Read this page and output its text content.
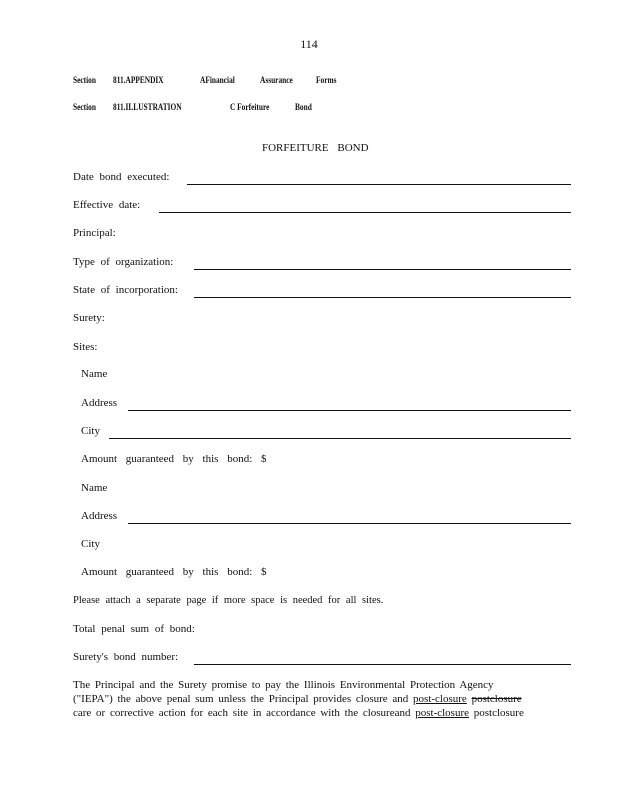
114
Section 811.APPENDIX	AFinancial	Assurance	Forms
Section 811.ILLUSTRATION	C Forfeiture	Bond
FORFEITURE BOND
Date bond executed:
Effective date:
Principal:
Type of organization:
State of incorporation:
Surety:
Sites:
Name
Address
City
Amount guaranteed by this bond: $
Name
Address
City
Amount guaranteed by this bond: $
Please attach a separate page if more space is needed for all sites.
Total penal sum of bond:
Surety's bond number:
The Principal and the Surety promise to pay the Illinois Environmental Protection Agency
("IEPA") the above penal sum unless the Principal provides closure and post-closure postclosure
care or corrective action for each site in accordance with the closureand post-closure postclosure
